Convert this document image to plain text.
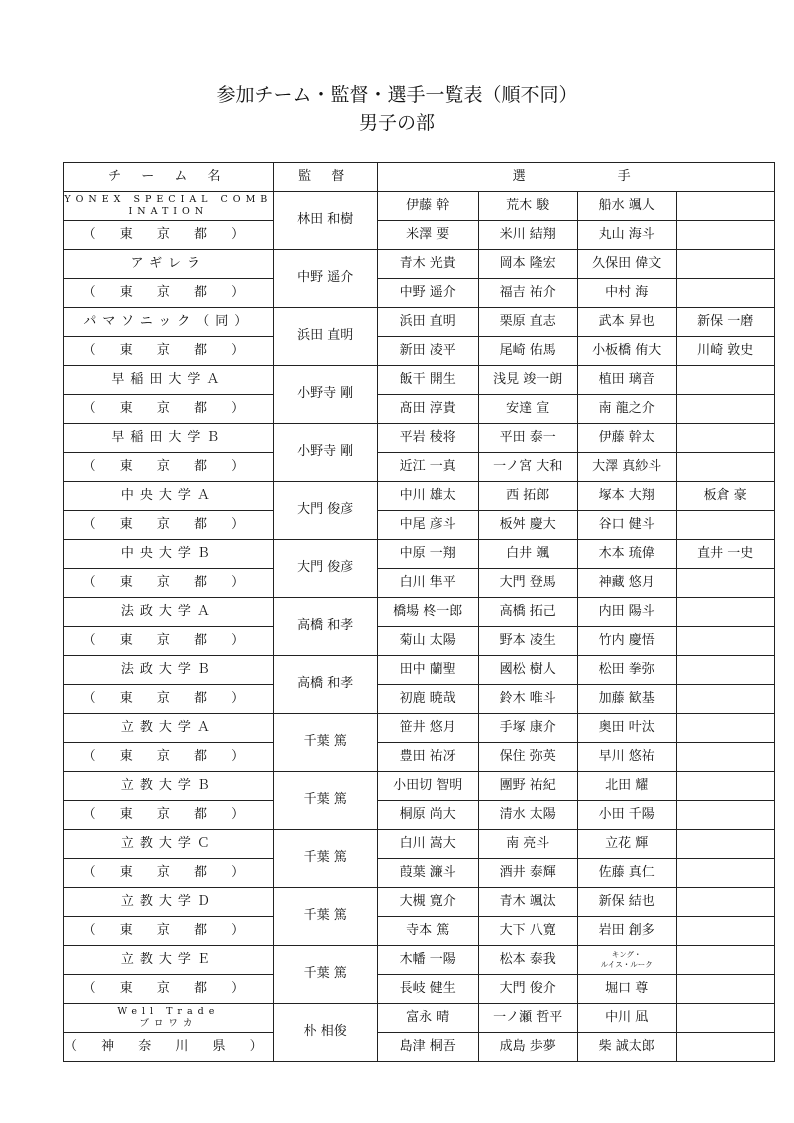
参加チーム・監督・選手一覧表（順不同）
男子の部
チ ー ム 名	監 督	選　　　　手			

YONEX SPECIAL COMBINATION	林田 和樹	伊藤 幹	荒木 駿	船水 颯人	
（ 東 京 都 ）		米澤 要	米川 結翔	丸山 海斗	

アギレラ	中野 遥介	青木 光貴	岡本 隆宏	久保田 偉文	
（ 東 京 都 ）		中野 遥介	福吉 祐介	中村 海	

パマソニック（同）	浜田 直明	浜田 直明	栗原 直志	武本 昇也	新保 一磨
（ 東 京 都 ）		新田 凌平	尾崎 佑馬	小板橋 侑大	川崎 敦史

早稲田大学Ａ	小野寺 剛	飯干 開生	浅見 竣一朗	植田 璃音	
（ 東 京 都 ）		髙田 淳貴	安達 宣	南 龍之介	

早稲田大学Ｂ	小野寺 剛	平岩 稜将	平田 泰一	伊藤 幹太	
（ 東 京 都 ）		近江 一真	一ノ宮 大和	大澤 真紗斗	

中央大学Ａ	大門 俊彦	中川 雄太	西 拓郎	塚本 大翔	板倉 豪
（ 東 京 都 ）		中尾 彦斗	板舛 慶大	谷口 健斗	

中央大学Ｂ	大門 俊彦	中原 一翔	白井 颯	木本 琉偉	直井 一史
（ 東 京 都 ）		白川 隼平	大門 登馬	神藏 悠月	

法政大学Ａ	高橋 和孝	橋場 柊一郎	高橋 拓己	内田 陽斗	
（ 東 京 都 ）		菊山 太陽	野本 凌生	竹内 慶悟	

法政大学Ｂ	高橋 和孝	田中 蘭聖	國松 樹人	松田 拳弥	
（ 東 京 都 ）		初鹿 暁哉	鈴木 唯斗	加藤 歓基	

立教大学Ａ	千葉 篤	笹井 悠月	手塚 康介	奥田 叶汰	
（ 東 京 都 ）		豊田 祐冴	保住 弥英	早川 悠祐	

立教大学Ｂ	千葉 篤	小田切 智明	團野 祐紀	北田 耀	
（ 東 京 都 ）		桐原 尚大	清水 太陽	小田 千陽	

立教大学Ｃ	千葉 篤	白川 嵩大	南 亮斗	立花 輝	
（ 東 京 都 ）		葭葉 濂斗	酒井 泰輝	佐藤 真仁	

立教大学Ｄ	千葉 篤	大槻 寛介	青木 颯汰	新保 結也	
（ 東 京 都 ）		寺本 篤	大下 八寛	岩田 創多	

立教大学Ｅ	千葉 篤	木幡 一陽	松本 泰我	キング・
ルイス・ルーク	

（ 東 京 都 ）		長岐 健生	大門 俊介	堀口 尊	

Well Trade
ブロワカ	朴 相俊	富永 晴	一ノ瀬 哲平	中川 凪	
（ 神 奈 川 県 ）		島津 桐吾	成島 歩夢	柴 誠太郎	
